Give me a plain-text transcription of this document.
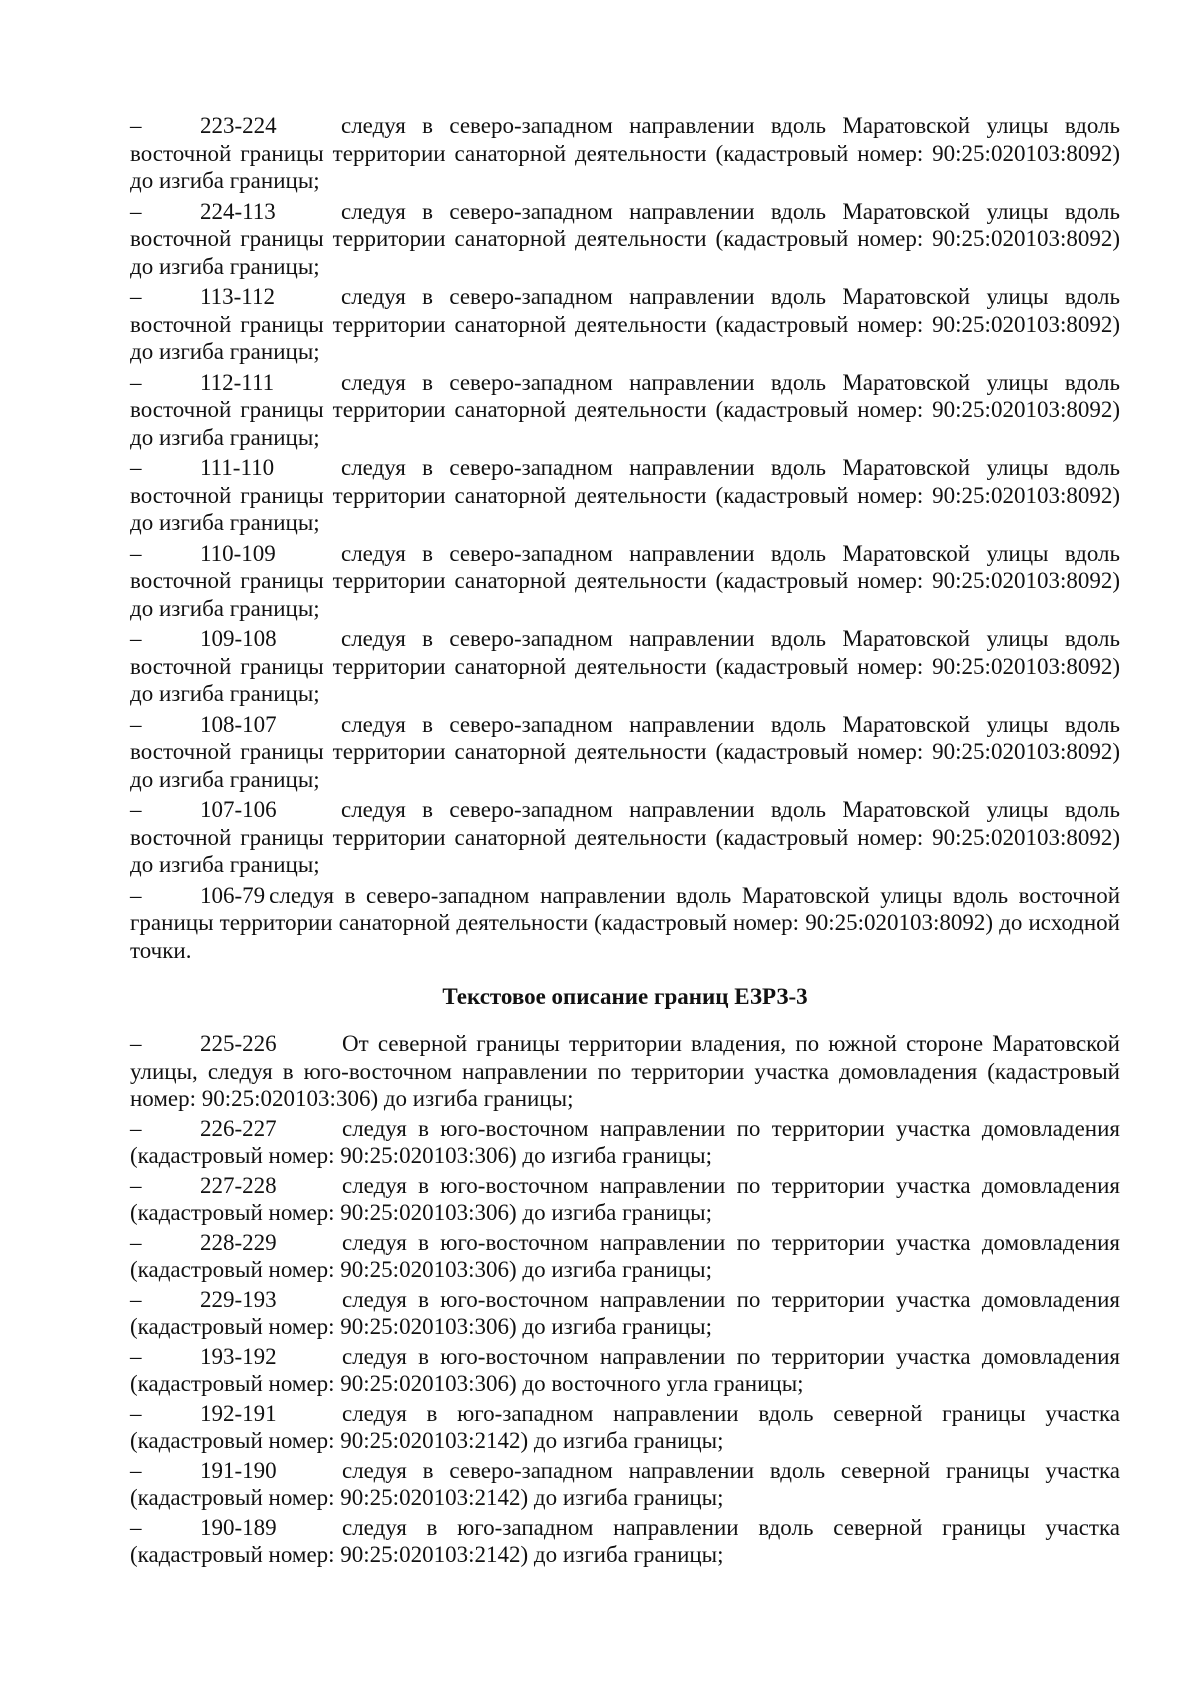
–	223-224	следуя в северо-западном направлении вдоль Маратовской улицы вдоль восточной границы территории санаторной деятельности (кадастровый номер: 90:25:020103:8092) до изгиба границы;

–	224-113	следуя в северо-западном направлении вдоль Маратовской улицы вдоль восточной границы территории санаторной деятельности (кадастровый номер: 90:25:020103:8092) до изгиба границы;

–	113-112	следуя в северо-западном направлении вдоль Маратовской улицы вдоль восточной границы территории санаторной деятельности (кадастровый номер: 90:25:020103:8092) до изгиба границы;

–	112-111	следуя в северо-западном направлении вдоль Маратовской улицы вдоль восточной границы территории санаторной деятельности (кадастровый номер: 90:25:020103:8092) до изгиба границы;

–	111-110	следуя в северо-западном направлении вдоль Маратовской улицы вдоль восточной границы территории санаторной деятельности (кадастровый номер: 90:25:020103:8092) до изгиба границы;

–	110-109	следуя в северо-западном направлении вдоль Маратовской улицы вдоль восточной границы территории санаторной деятельности (кадастровый номер: 90:25:020103:8092) до изгиба границы;

–	109-108	следуя в северо-западном направлении вдоль Маратовской улицы вдоль восточной границы территории санаторной деятельности (кадастровый номер: 90:25:020103:8092) до изгиба границы;

–	108-107	следуя в северо-западном направлении вдоль Маратовской улицы вдоль восточной границы территории санаторной деятельности (кадастровый номер: 90:25:020103:8092) до изгиба границы;

–	107-106	следуя в северо-западном направлении вдоль Маратовской улицы вдоль восточной границы территории санаторной деятельности (кадастровый номер: 90:25:020103:8092) до изгиба границы;

–	106-79 следуя в северо-западном направлении вдоль Маратовской улицы вдоль восточной границы территории санаторной деятельности (кадастровый номер: 90:25:020103:8092) до исходной точки.

Текстовое описание границ ЕЗРЗ-3

–	225-226	От северной границы территории владения, по южной стороне Маратовской улицы, следуя в юго-восточном направлении по территории участка домовладения (кадастровый номер: 90:25:020103:306) до изгиба границы;

–	226-227	следуя в юго-восточном направлении по территории участка домовладения (кадастровый номер: 90:25:020103:306) до изгиба границы;

–	227-228	следуя в юго-восточном направлении по территории участка домовладения (кадастровый номер: 90:25:020103:306) до изгиба границы;

–	228-229	следуя в юго-восточном направлении по территории участка домовладения (кадастровый номер: 90:25:020103:306) до изгиба границы;

–	229-193	следуя в юго-восточном направлении по территории участка домовладения (кадастровый номер: 90:25:020103:306) до изгиба границы;

–	193-192	следуя в юго-восточном направлении по территории участка домовладения (кадастровый номер: 90:25:020103:306) до восточного угла границы;

–	192-191	следуя в юго-западном направлении вдоль северной границы участка (кадастровый номер: 90:25:020103:2142) до изгиба границы;

–	191-190	следуя в северо-западном направлении вдоль северной границы участка (кадастровый номер: 90:25:020103:2142) до изгиба границы;

–	190-189	следуя в юго-западном направлении вдоль северной границы участка (кадастровый номер: 90:25:020103:2142) до изгиба границы;
